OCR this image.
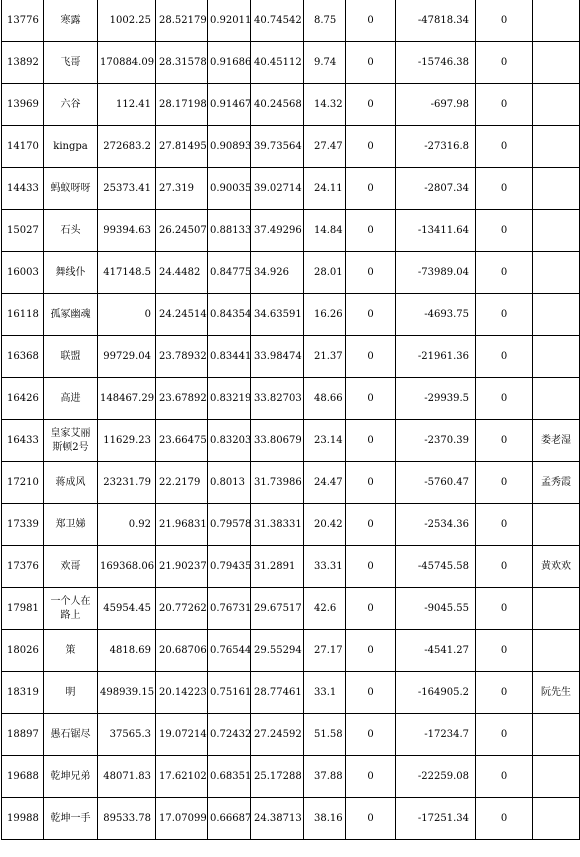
13776	寒露	1002.25	28.52179	0.92011	40.74542	8.75	0	-47818.34	0	
13892	飞哥	170884.09	28.31578	0.91686	40.45112	9.74	0	-15746.38	0	
13969	六谷	112.41	28.17198	0.91467	40.24568	14.32	0	-697.98	0	
14170	kingpa	272683.2	27.81495	0.90893	39.73564	27.47	0	-27316.8	0	
14433	蚂蚁呀呀	25373.41	27.319	0.90035	39.02714	24.11	0	-2807.34	0	
15027	石头	99394.63	26.24507	0.88133	37.49296	14.84	0	-13411.64	0	
16003	舞线仆	417148.5	24.4482	0.84775	34.926	28.01	0	-73989.04	0	
16118	孤冢幽魂	0	24.24514	0.84354	34.63591	16.26	0	-4693.75	0	
16368	联盟	99729.04	23.78932	0.83441	33.98474	21.37	0	-21961.36	0	
16426	高进	148467.29	23.67892	0.83219	33.82703	48.66	0	-29939.5	0	
16433	皇家艾丽斯顿2号	11629.23	23.66475	0.83203	33.80679	23.14	0	-2370.39	0	娄老湿
17210	蒋成风	23231.79	22.2179	0.8013	31.73986	24.47	0	-5760.47	0	孟秀霞
17339	郑卫娣	0.92	21.96831	0.79578	31.38331	20.42	0	-2534.36	0	
17376	欢哥	169368.06	21.90237	0.79435	31.2891	33.31	0	-45745.58	0	黄欢欢
17981	一个人在路上	45954.45	20.77262	0.76731	29.67517	42.6	0	-9045.55	0	
18026	策	4818.69	20.68706	0.76544	29.55294	27.17	0	-4541.27	0	
18319	明	498939.15	20.14223	0.75161	28.77461	33.1	0	-164905.2	0	阮先生
18897	愚石锯尽	37565.3	19.07214	0.72432	27.24592	51.58	0	-17234.7	0	
19688	乾坤兄弟	48071.83	17.62102	0.68351	25.17288	37.88	0	-22259.08	0	
19988	乾坤一手	89533.78	17.07099	0.66687	24.38713	38.16	0	-17251.34	0	
